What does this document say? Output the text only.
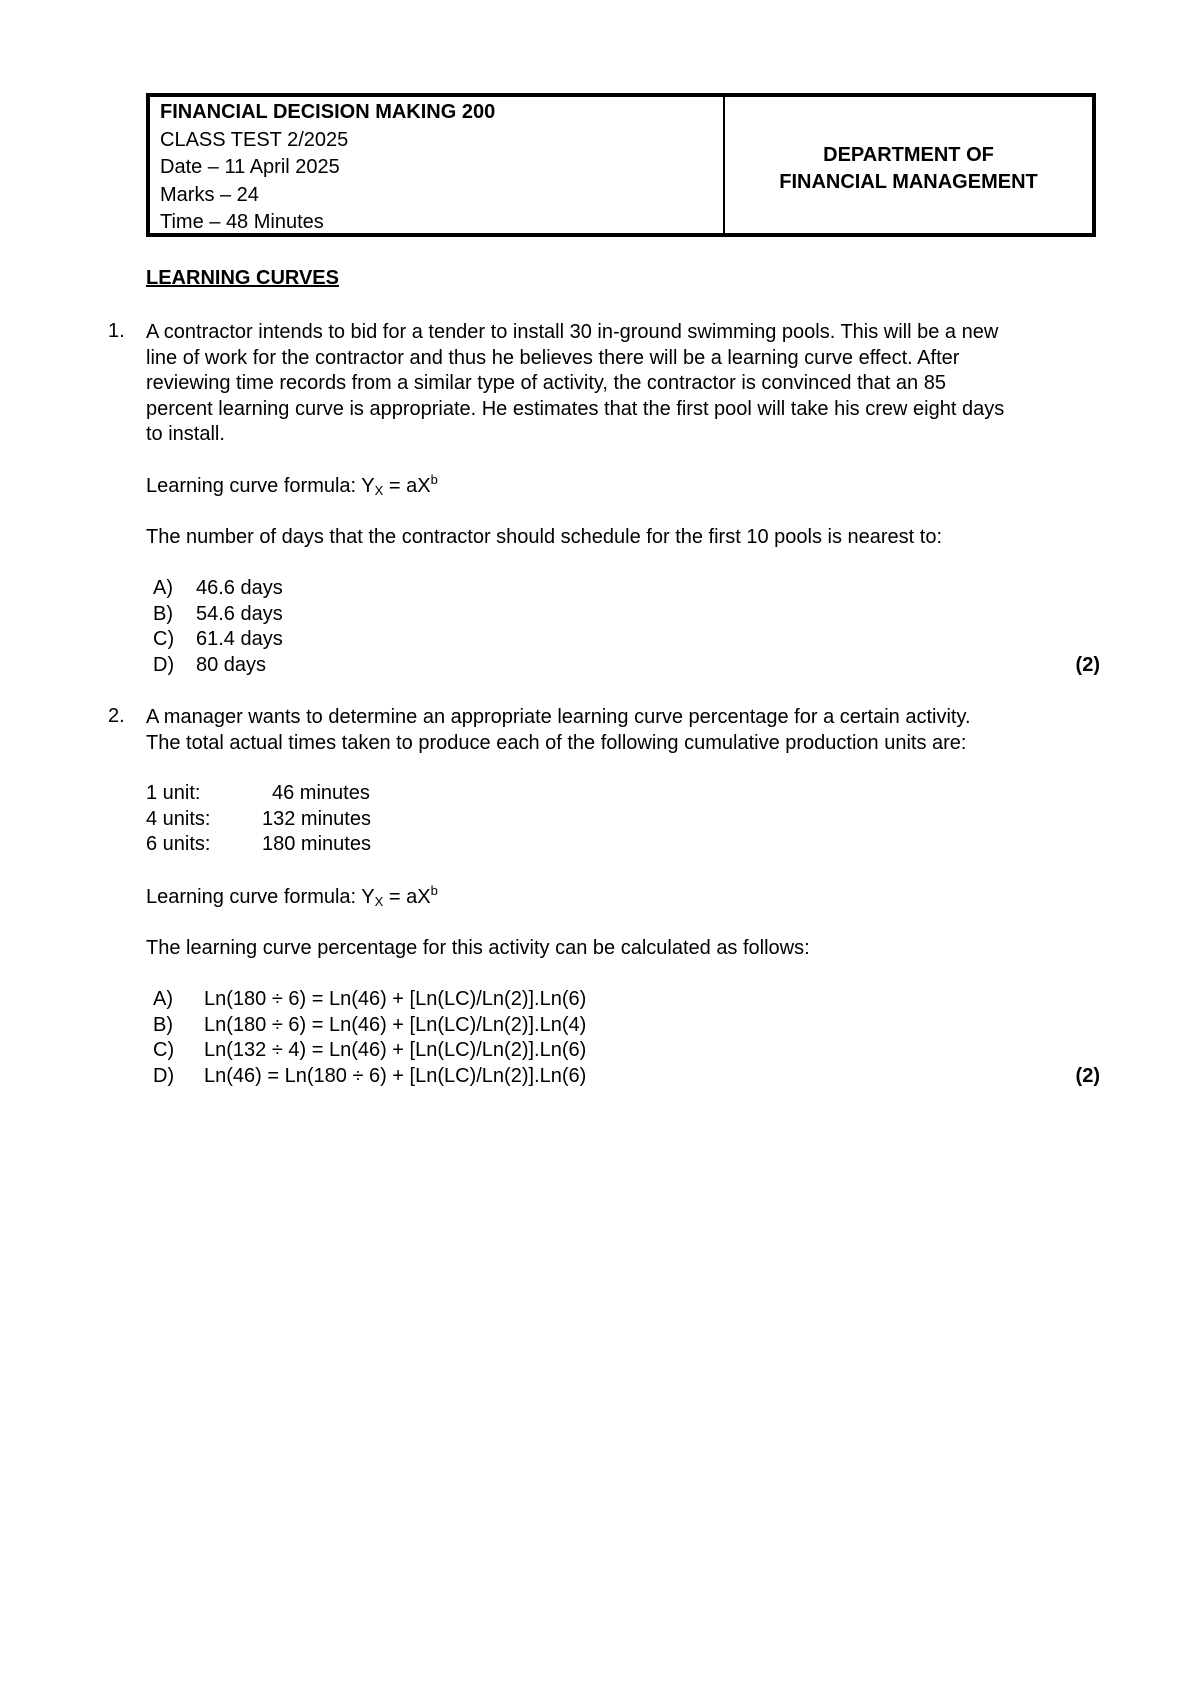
FINANCIAL DECISION MAKING 200
CLASS TEST 2/2025
Date – 11 April 2025
Marks – 24
Time – 48 Minutes
DEPARTMENT OF
FINANCIAL MANAGEMENT
LEARNING CURVES
1. A contractor intends to bid for a tender to install 30 in-ground swimming pools. This will be a new
line of work for the contractor and thus he believes there will be a learning curve effect. After
reviewing time records from a similar type of activity, the contractor is convinced that an 85
percent learning curve is appropriate. He estimates that the first pool will take his crew eight days
to install.
Learning curve formula: $Y_X = aX^b$
The number of days that the contractor should schedule for the first 10 pools is nearest to:
A) 46.6 days
B) 54.6 days
C) 61.4 days
D) 80 days	(2)
2. A manager wants to determine an appropriate learning curve percentage for a certain activity.
The total actual times taken to produce each of the following cumulative production units are:
1 unit:	46 minutes
4 units:	132 minutes
6 units:	180 minutes
Learning curve formula: $Y_X = aX^b$
The learning curve percentage for this activity can be calculated as follows:
A) Ln(180 ÷ 6) = Ln(46) + [Ln(LC)/Ln(2)].Ln(6)
B) Ln(180 ÷ 6) = Ln(46) + [Ln(LC)/Ln(2)].Ln(4)
C) Ln(132 ÷ 4) = Ln(46) + [Ln(LC)/Ln(2)].Ln(6)
D) Ln(46) = Ln(180 ÷ 6) + [Ln(LC)/Ln(2)].Ln(6)	(2)
